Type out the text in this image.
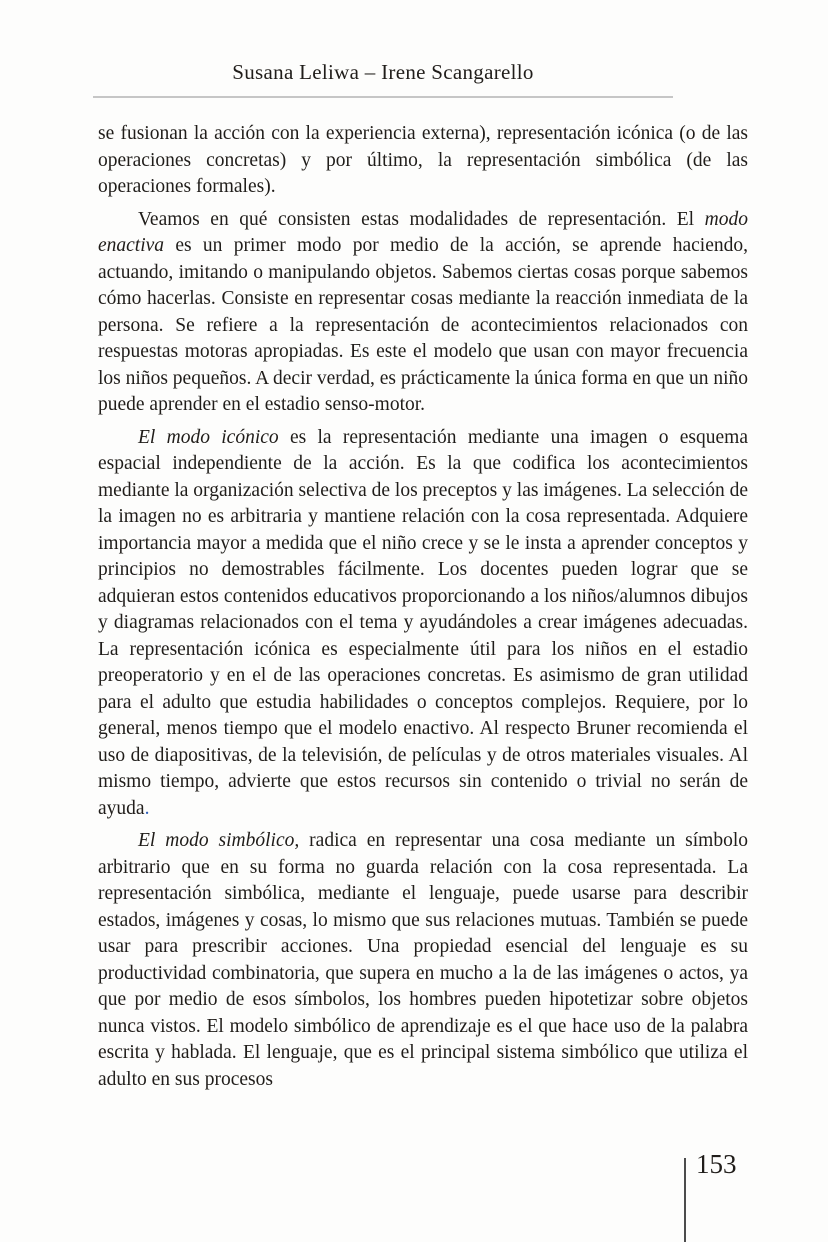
Susana Leliwa – Irene Scangarello

se fusionan la acción con la experiencia externa), representación icónica (o de las operaciones concretas) y por último, la representación simbólica (de las operaciones formales).

Veamos en qué consisten estas modalidades de representación. El modo enactiva es un primer modo por medio de la acción, se aprende haciendo, actuando, imitando o manipulando objetos. Sabemos ciertas cosas porque sabemos cómo hacerlas. Consiste en representar cosas mediante la reacción inmediata de la persona. Se refiere a la representación de acontecimientos relacionados con respuestas motoras apropiadas. Es este el modelo que usan con mayor frecuencia los niños pequeños. A decir verdad, es prácticamente la única forma en que un niño puede aprender en el estadio senso-motor.

El modo icónico es la representación mediante una imagen o esquema espacial independiente de la acción. Es la que codifica los acontecimientos mediante la organización selectiva de los preceptos y las imágenes. La selección de la imagen no es arbitraria y mantiene relación con la cosa representada. Adquiere importancia mayor a medida que el niño crece y se le insta a aprender conceptos y principios no demostrables fácilmente. Los docentes pueden lograr que se adquieran estos contenidos educativos proporcionando a los niños/alumnos dibujos y diagramas relacionados con el tema y ayudándoles a crear imágenes adecuadas. La representación icónica es especialmente útil para los niños en el estadio preoperatorio y en el de las operaciones concretas. Es asimismo de gran utilidad para el adulto que estudia habilidades o conceptos complejos. Requiere, por lo general, menos tiempo que el modelo enactivo. Al respecto Bruner recomienda el uso de diapositivas, de la televisión, de películas y de otros materiales visuales. Al mismo tiempo, advierte que estos recursos sin contenido o trivial no serán de ayuda.

El modo simbólico, radica en representar una cosa mediante un símbolo arbitrario que en su forma no guarda relación con la cosa representada. La representación simbólica, mediante el lenguaje, puede usarse para describir estados, imágenes y cosas, lo mismo que sus relaciones mutuas. También se puede usar para prescribir acciones. Una propiedad esencial del lenguaje es su productividad combinatoria, que supera en mucho a la de las imágenes o actos, ya que por medio de esos símbolos, los hombres pueden hipotetizar sobre objetos nunca vistos. El modelo simbólico de aprendizaje es el que hace uso de la palabra escrita y hablada. El lenguaje, que es el principal sistema simbólico que utiliza el adulto en sus procesos

153
